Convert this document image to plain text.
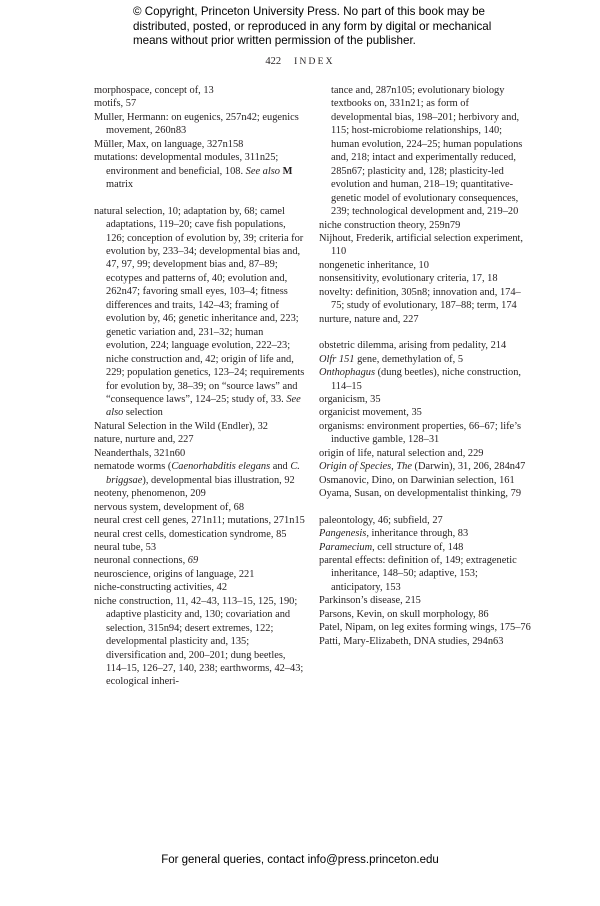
© Copyright, Princeton University Press. No part of this book may be
distributed, posted, or reproduced in any form by digital or mechanical
means without prior written permission of the publisher.
422 INDEX
morphospace, concept of, 13
motifs, 57
Muller, Hermann: on eugenics, 257n42; eugenics movement, 260n83
Müller, Max, on language, 327n158
mutations: developmental modules, 311n25; environment and beneficial, 108. See also M matrix
natural selection, 10; adaptation by, 68; camel adaptations, 119–20; cave fish populations, 126; conception of evolution by, 39; criteria for evolution by, 233–34; developmental bias and, 47, 97, 99; development bias and, 87–89; ecotypes and patterns of, 40; evolution and, 262n47; favoring small eyes, 103–4; fitness differences and traits, 142–43; framing of evolution by, 46; genetic inheritance and, 223; genetic variation and, 231–32; human evolution, 224; language evolution, 222–23; niche construction and, 42; origin of life and, 229; population genetics, 123–24; requirements for evolution by, 38–39; on “source laws” and “consequence laws”, 124–25; study of, 33. See also selection
Natural Selection in the Wild (Endler), 32
nature, nurture and, 227
Neanderthals, 321n60
nematode worms (Caenorhabditis elegans and C. briggsae), developmental bias illustration, 92
neoteny, phenomenon, 209
nervous system, development of, 68
neural crest cell genes, 271n11; mutations, 271n15
neural crest cells, domestication syndrome, 85
neural tube, 53
neuronal connections, 69
neuroscience, origins of language, 221
niche-constructing activities, 42
niche construction, 11, 42–43, 113–15, 125, 190; adaptive plasticity and, 130; covariation and selection, 315n94; desert extremes, 122; developmental plasticity and, 135; diversification and, 200–201; dung beetles, 114–15, 126–27, 140, 238; earthworms, 42–43; ecological inheri-
tance and, 287n105; evolutionary biology textbooks on, 331n21; as form of developmental bias, 198–201; herbivory and, 115; host-microbiome relationships, 140; human evolution, 224–25; human populations and, 218; intact and experimentally reduced, 285n67; plasticity and, 128; plasticity-led evolution and human, 218–19; quantitative-genetic model of evolutionary consequences, 239; technological development and, 219–20
niche construction theory, 259n79
Nijhout, Frederik, artificial selection experiment, 110
nongenetic inheritance, 10
nonsensitivity, evolutionary criteria, 17, 18
novelty: definition, 305n8; innovation and, 174–75; study of evolutionary, 187–88; term, 174
nurture, nature and, 227
obstetric dilemma, arising from pedality, 214
Olfr 151 gene, demethylation of, 5
Onthophagus (dung beetles), niche construction, 114–15
organicism, 35
organicist movement, 35
organisms: environment properties, 66–67; life’s inductive gamble, 128–31
origin of life, natural selection and, 229
Origin of Species, The (Darwin), 31, 206, 284n47
Osmanovic, Dino, on Darwinian selection, 161
Oyama, Susan, on developmentalist thinking, 79
paleontology, 46; subfield, 27
Pangenesis, inheritance through, 83
Paramecium, cell structure of, 148
parental effects: definition of, 149; extragenetic inheritance, 148–50; adaptive, 153; anticipatory, 153
Parkinson’s disease, 215
Parsons, Kevin, on skull morphology, 86
Patel, Nipam, on leg exites forming wings, 175–76
Patti, Mary-Elizabeth, DNA studies, 294n63
For general queries, contact info@press.princeton.edu
